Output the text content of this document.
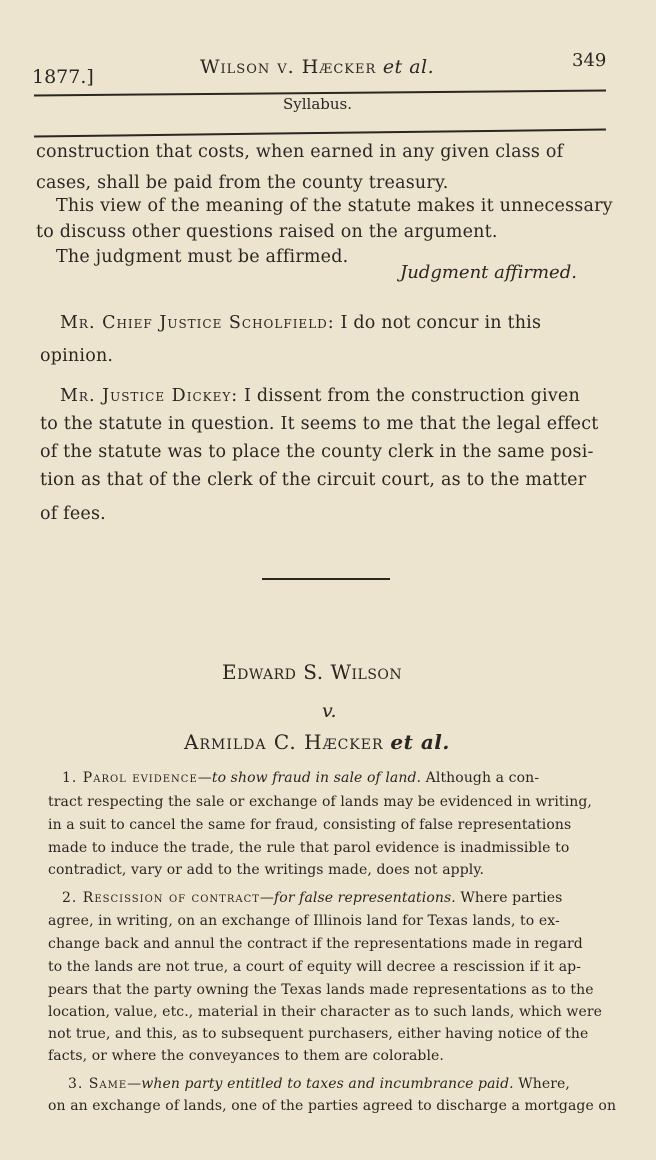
1877.]	Wilson v. Hæcker et al.	349
Syllabus.
construction that costs, when earned in any given class of
cases, shall be paid from the county treasury.
This view of the meaning of the statute makes it unnecessary
to discuss other questions raised on the argument.
The judgment must be affirmed.
Judgment affirmed.
Mr. Chief Justice Scholfield: I do not concur in this
opinion.
Mr. Justice Dickey: I dissent from the construction given
to the statute in question. It seems to me that the legal effect
of the statute was to place the county clerk in the same posi-
tion as that of the clerk of the circuit court, as to the matter
of fees.
Edward S. Wilson
v.
Armilda C. Hæcker et al.
1. Parol evidence—to show fraud in sale of land. Although a con-
tract respecting the sale or exchange of lands may be evidenced in writing,
in a suit to cancel the same for fraud, consisting of false representations
made to induce the trade, the rule that parol evidence is inadmissible to
contradict, vary or add to the writings made, does not apply.
2. Rescission of contract—for false representations. Where parties
agree, in writing, on an exchange of Illinois land for Texas lands, to ex-
change back and annul the contract if the representations made in regard
to the lands are not true, a court of equity will decree a rescission if it ap-
pears that the party owning the Texas lands made representations as to the
location, value, etc., material in their character as to such lands, which were
not true, and this, as to subsequent purchasers, either having notice of the
facts, or where the conveyances to them are colorable.
3. Same—when party entitled to taxes and incumbrance paid. Where,
on an exchange of lands, one of the parties agreed to discharge a mortgage on
